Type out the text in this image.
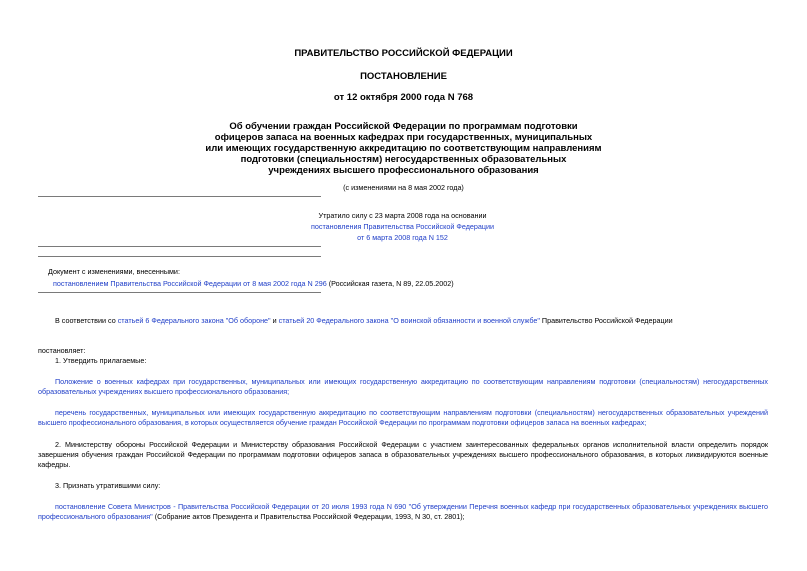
ПРАВИТЕЛЬСТВО РОССИЙСКОЙ ФЕДЕРАЦИИ
ПОСТАНОВЛЕНИЕ
от 12 октября 2000 года N 768
Об обучении граждан Российской Федерации по программам подготовки
офицеров запаса на военных кафедрах при государственных, муниципальных
или имеющих государственную аккредитацию по соответствующим направлениям
подготовки (специальностям) негосударственных образовательных
учреждениях высшего профессионального образования
(с изменениями на 8 мая 2002 года)
Утратило силу с 23 марта 2008 года на основании
постановления Правительства Российской Федерации
от 6 марта 2008 года N 152
Документ с изменениями, внесенными:
постановлением Правительства Российской Федерации от 8 мая 2002 года N 296 (Российская газета, N 89, 22.05.2002)
В соответствии со статьей 6 Федерального закона "Об обороне" и статьей 20 Федерального закона "О воинской обязанности и военной службе" Правительство Российской Федерации
постановляет:
1. Утвердить прилагаемые:
Положение о военных кафедрах при государственных, муниципальных или имеющих государственную аккредитацию по соответствующим направлениям подготовки (специальностям) негосударственных образовательных учреждениях высшего профессионального образования;
перечень государственных, муниципальных или имеющих государственную аккредитацию по соответствующим направлениям подготовки (специальностям) негосударственных образовательных учреждений высшего профессионального образования, в которых осуществляется обучение граждан Российской Федерации по программам подготовки офицеров запаса на военных кафедрах;
2. Министерству обороны Российской Федерации и Министерству образования Российской Федерации с участием заинтересованных федеральных органов исполнительной власти определить порядок завершения обучения граждан Российской Федерации по программам подготовки офицеров запаса в образовательных учреждениях высшего профессионального образования, в которых ликвидируются военные кафедры.
3. Признать утратившими силу:
постановление Совета Министров - Правительства Российской Федерации от 20 июля 1993 года N 690 "Об утверждении Перечня военных кафедр при государственных образовательных учреждениях высшего профессионального образования" (Собрание актов Президента и Правительства Российской Федерации, 1993, N 30, ст. 2801);
